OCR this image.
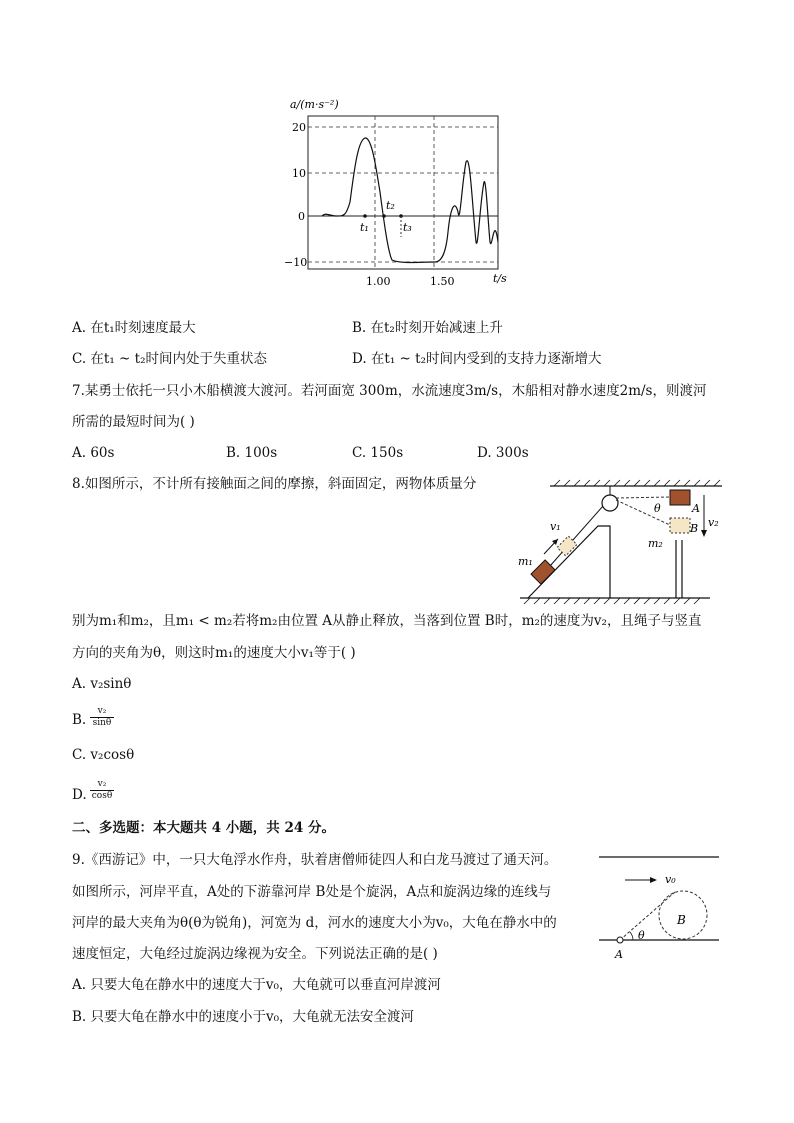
a/(m·s⁻²)
20
10
0
−10
1.00	1.50	t/s
t₁
t₂
t₃
A. 在t₁时刻速度最大	B. 在t₂时刻开始减速上升
C. 在t₁ ~ t₂时间内处于失重状态	D. 在t₁ ~ t₂时间内受到的支持力逐渐增大
7.某勇士依托一只小木船横渡大渡河。若河面宽 300m，水流速度3m/s，木船相对静水速度2m/s，则渡河
所需的最短时间为( )
A. 60s	B. 100s	C. 150s	D. 300s
8.如图所示，不计所有接触面之间的摩擦，斜面固定，两物体质量分
v₁
m₁
θ	A
B
m₂
v₂
别为m₁和m₂，且m₁ < m₂若将m₂由位置 A从静止释放，当落到位置 B时，m₂的速度为v₂，且绳子与竖直
方向的夹角为θ，则这时m₁的速度大小v₁等于( )
A. v₂sinθ
B. $\frac{\text{v₂}}{\sin\theta}$
C. v₂cosθ
D. $\frac{\text{v₂}}{\cos\theta}$
二、多选题：本大题共 4 小题，共 24 分。
9.《西游记》中，一只大龟浮水作舟，驮着唐僧师徒四人和白龙马渡过了通天河。
如图所示，河岸平直，A处的下游靠河岸 B处是个旋涡，A点和旋涡边缘的连线与
河岸的最大夹角为θ(θ为锐角)，河宽为 d，河水的速度大小为v₀，大龟在静水中的
速度恒定，大龟经过旋涡边缘视为安全。下列说法正确的是( )
A. 只要大龟在静水中的速度大于v₀，大龟就可以垂直河岸渡河
B. 只要大龟在静水中的速度小于v₀，大龟就无法安全渡河
v₀
B
θ
A
